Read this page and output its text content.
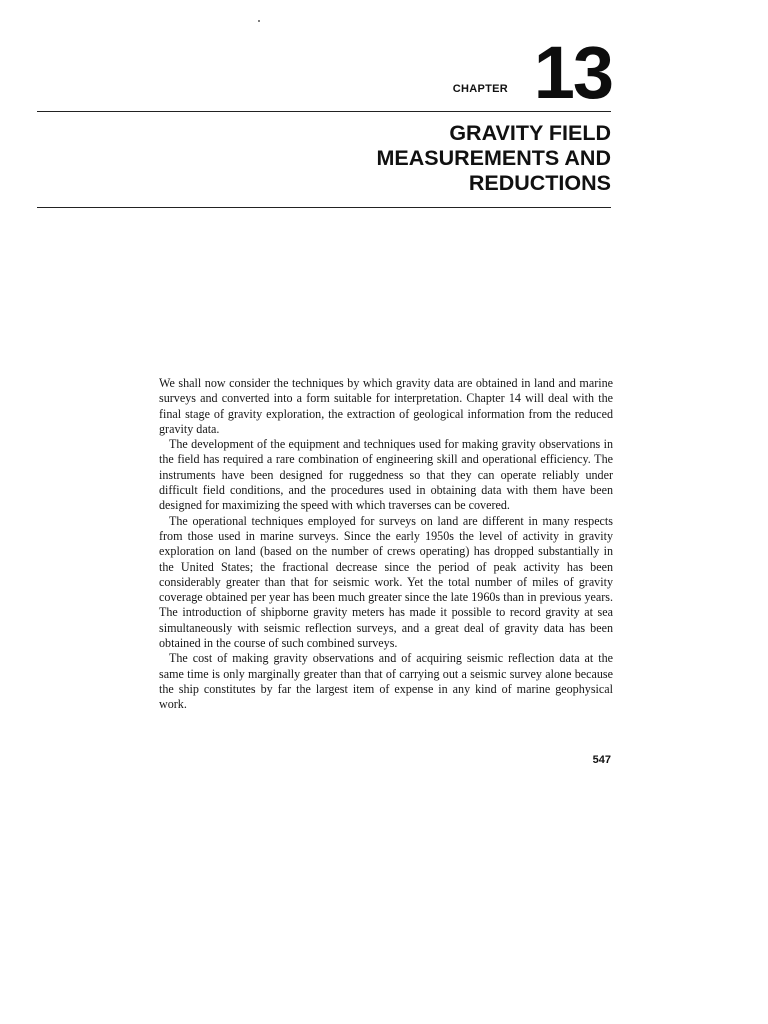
CHAPTER 13
GRAVITY FIELD
MEASUREMENTS AND
REDUCTIONS

We shall now consider the techniques by which gravity data are obtained in land and marine surveys and converted into a form suitable for interpretation. Chapter 14 will deal with the final stage of gravity exploration, the extraction of geological information from the reduced gravity data.

The development of the equipment and techniques used for making gravity observations in the field has required a rare combination of engineering skill and operational efficiency. The instruments have been designed for ruggedness so that they can operate reliably under difficult field conditions, and the procedures used in obtaining data with them have been designed for maximizing the speed with which traverses can be covered.

The operational techniques employed for surveys on land are different in many respects from those used in marine surveys. Since the early 1950s the level of activity in gravity exploration on land (based on the number of crews operating) has dropped substantially in the United States; the fractional decrease since the period of peak activity has been considerably greater than that for seismic work. Yet the total number of miles of gravity coverage obtained per year has been much greater since the late 1960s than in previous years. The introduction of shipborne gravity meters has made it possible to record gravity at sea simultaneously with seismic reflection surveys, and a great deal of gravity data has been obtained in the course of such combined surveys.

The cost of making gravity observations and of acquiring seismic reflection data at the same time is only marginally greater than that of carrying out a seismic survey alone because the ship constitutes by far the largest item of expense in any kind of marine geophysical work.

547
